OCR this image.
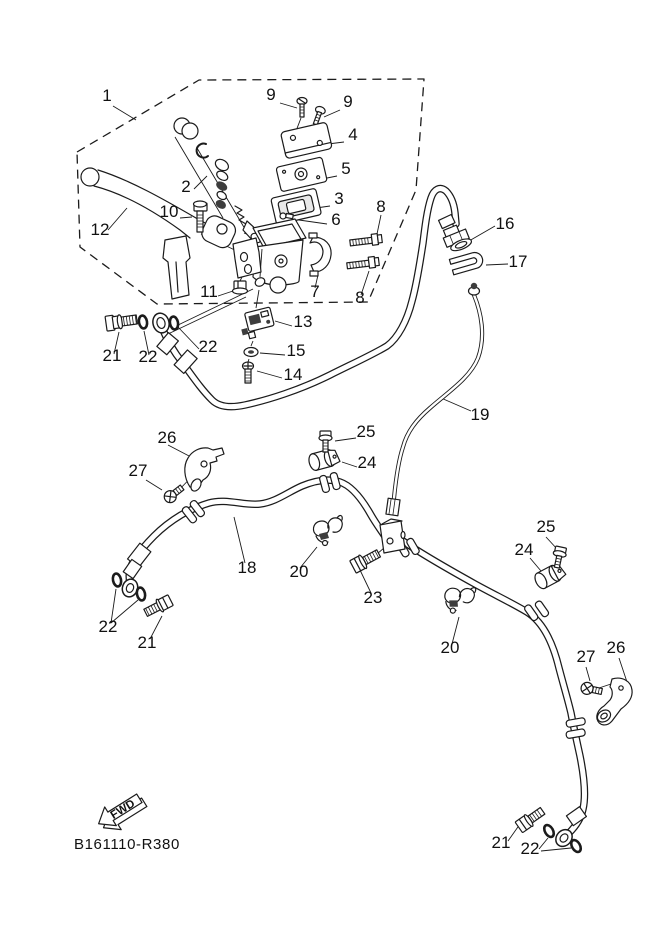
FWD
B161110-R380
1	9	9
4
5
3
2
10
12
6
8
7 8
11
16
17
13
15
14
21 22
22
19
26
27
25
24
18 20
23
25
24
20
22
21
27 26
21 22
